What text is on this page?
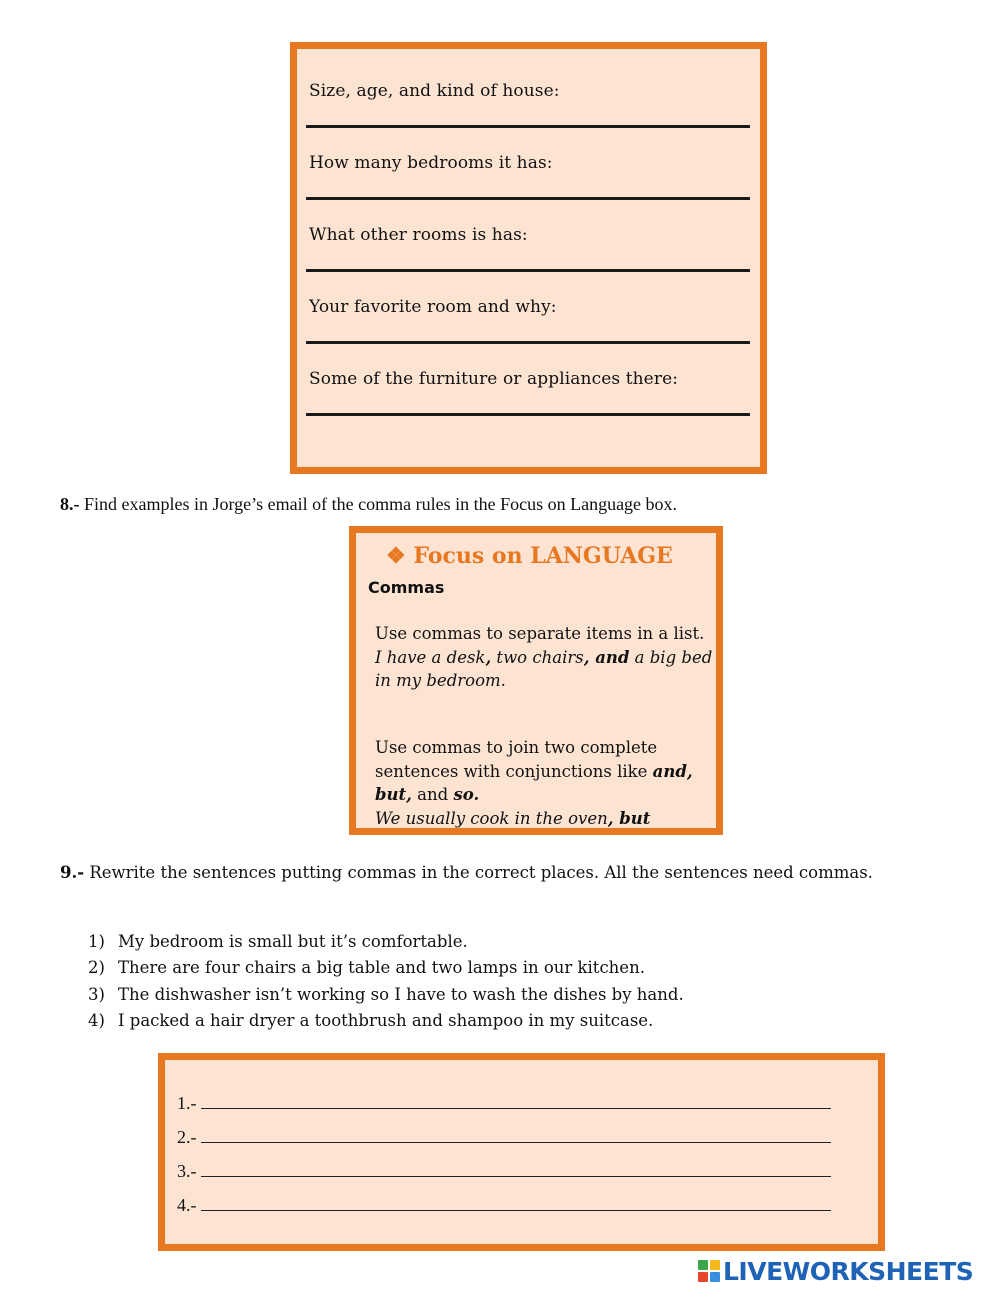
Size, age, and kind of house:
How many bedrooms it has:
What other rooms is has:
Your favorite room and why:
Some of the furniture or appliances there:
8.- Find examples in Jorge’s email of the comma rules in the Focus on Language box.
❖ Focus on LANGUAGE
Commas
Use commas to separate items in a list.
I have a desk, two chairs, and a big bed in my bedroom.
Use commas to join two complete sentences with conjunctions like and, but, and so.
We usually cook in the oven, but
9.- Rewrite the sentences putting commas in the correct places. All the sentences need commas.
1) My bedroom is small but it’s comfortable.
2) There are four chairs a big table and two lamps in our kitchen.
3) The dishwasher isn’t working so I have to wash the dishes by hand.
4) I packed a hair dryer a toothbrush and shampoo in my suitcase.
1.-
2.-
3.-
4.-
LIVEWORKSHEETS
